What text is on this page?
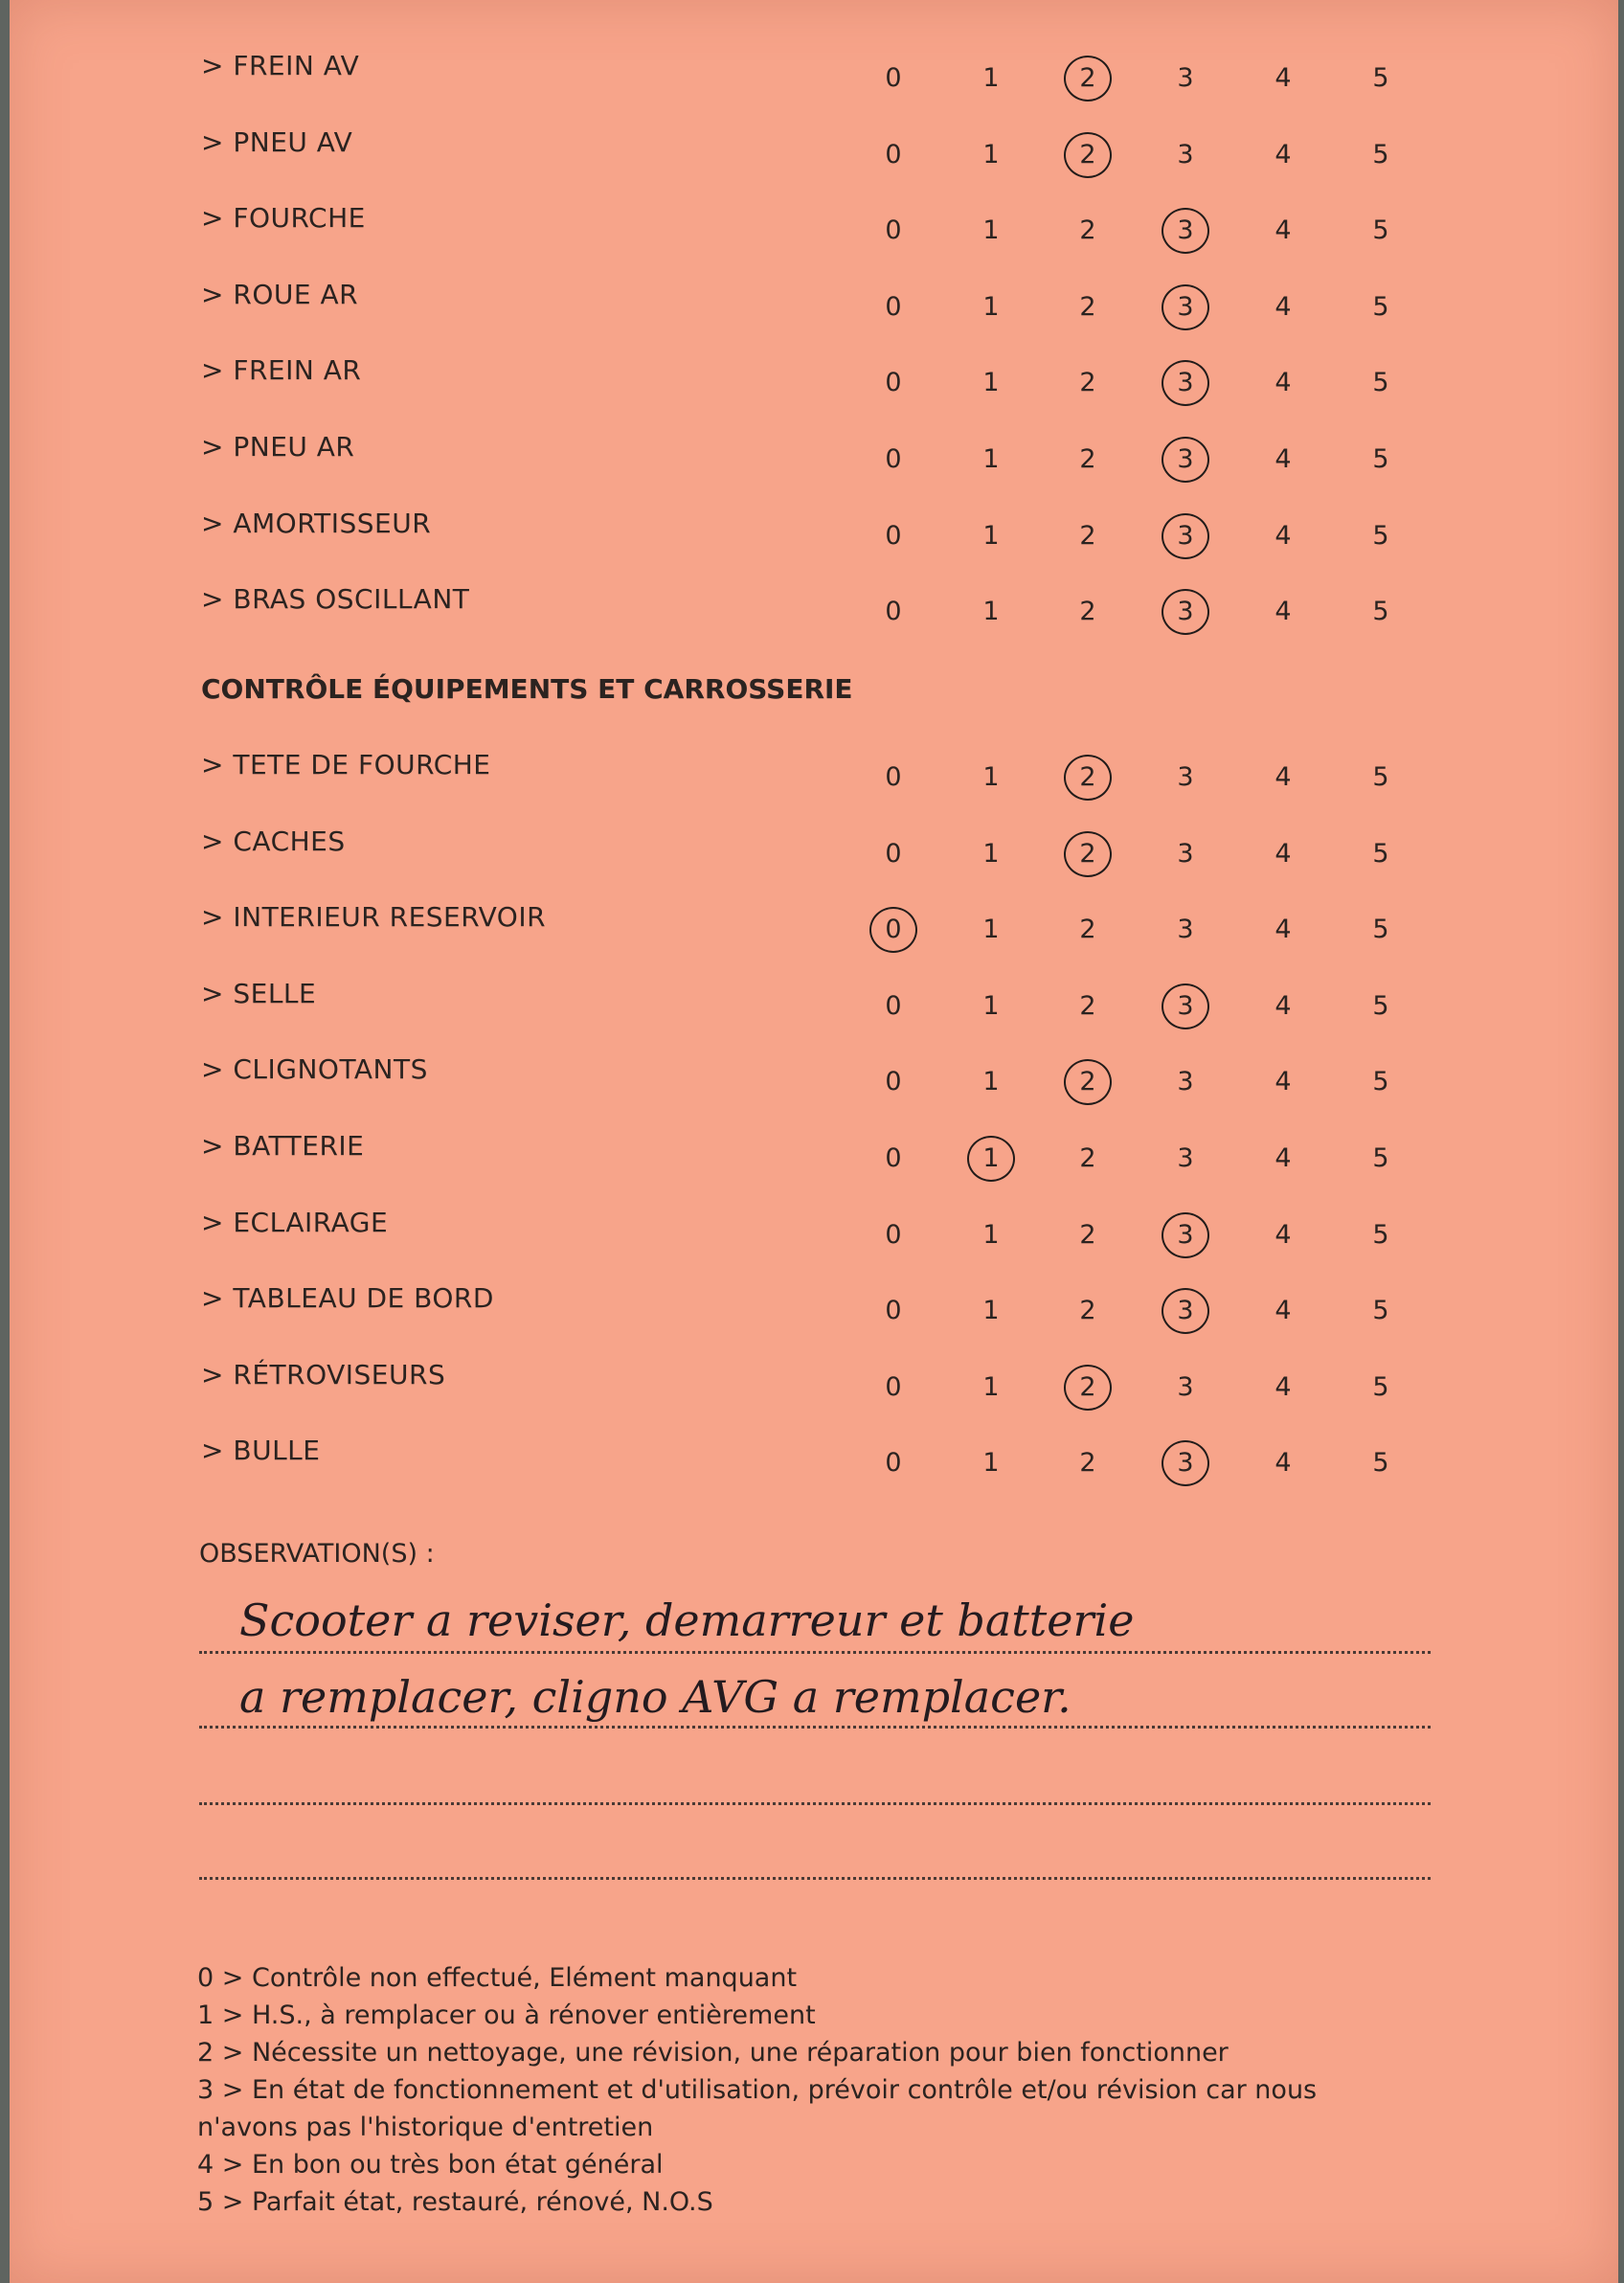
> FREIN AV	0	1	2	3	4	5
> PNEU AV	0	1	2	3	4	5
> FOURCHE	0	1	2	3	4	5
> ROUE AR	0	1	2	3	4	5
> FREIN AR	0	1	2	3	4	5
> PNEU AR	0	1	2	3	4	5
> AMORTISSEUR	0	1	2	3	4	5
> BRAS OSCILLANT	0	1	2	3	4	5
> TETE DE FOURCHE	0	1	2	3	4	5
> CACHES	0	1	2	3	4	5
> INTERIEUR RESERVOIR	0	1	2	3	4	5
> SELLE	0	1	2	3	4	5
> CLIGNOTANTS	0	1	2	3	4	5
> BATTERIE	0	1	2	3	4	5
> ECLAIRAGE	0	1	2	3	4	5
> TABLEAU DE BORD	0	1	2	3	4	5
> RÉTROVISEURS	0	1	2	3	4	5
> BULLE	0	1	2	3	4	5
CONTRÔLE ÉQUIPEMENTS ET CARROSSERIE
OBSERVATION(S) :
Scooter a reviser, demarreur et batterie
a remplacer, cligno AVG a remplacer.
0 > Contrôle non effectué, Elément manquant
1 > H.S., à remplacer ou à rénover entièrement
2 > Nécessite un nettoyage, une révision, une réparation pour bien fonctionner
3 > En état de fonctionnement et d'utilisation, prévoir contrôle et/ou révision car nous
n'avons pas l'historique d'entretien
4 > En bon ou très bon état général
5 > Parfait état, restauré, rénové, N.O.S
